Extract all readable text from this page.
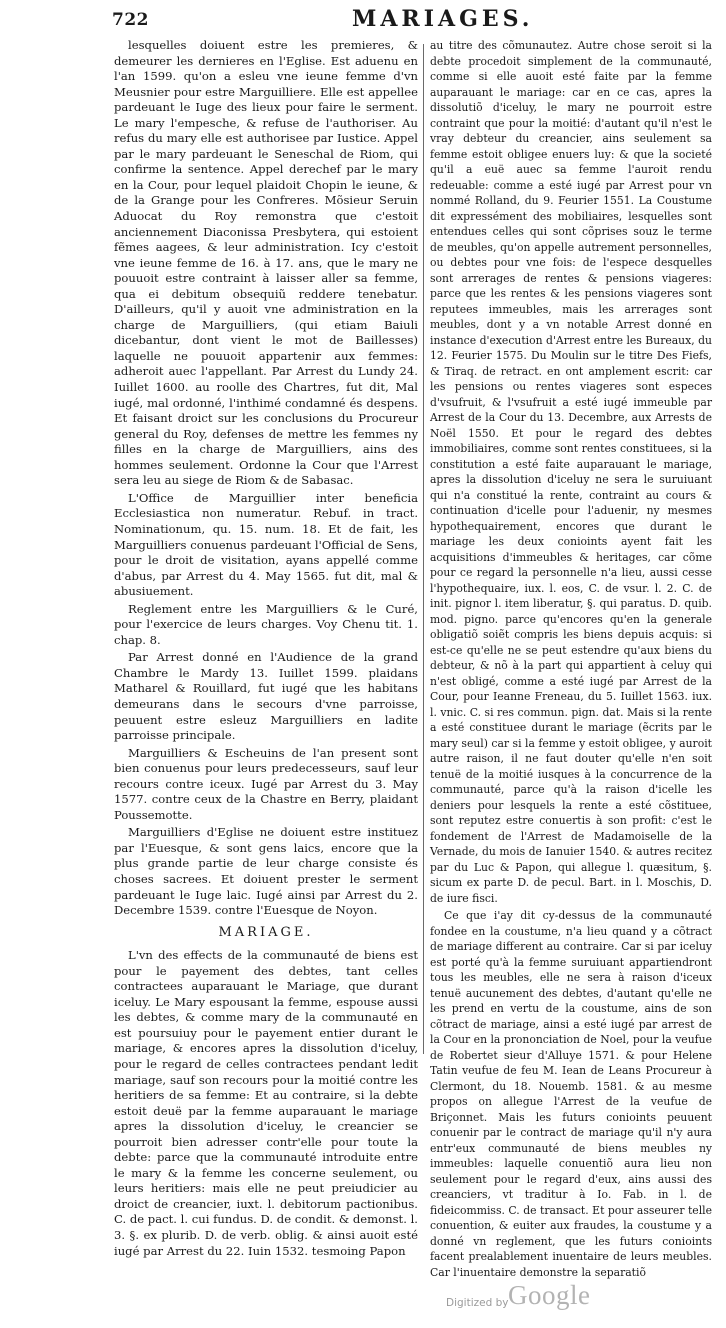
722	MARIAGES.

lesquelles doiuent estre les premieres, & demeurer les dernieres en l'Eglise. Est aduenu en l'an 1599. qu'on a esleu vne ieune femme d'vn Meusnier pour estre Marguilliere. Elle est appellee pardeuant le Iuge des lieux pour faire le serment. Le mary l'empesche, & refuse de l'authoriser. Au refus du mary elle est authorisee par Iustice. Appel par le mary pardeuant le Seneschal de Riom, qui confirme la sentence. Appel derechef par le mary en la Cour, pour lequel plaidoit Chopin le ieune, & de la Grange pour les Confreres. Mõsieur Seruin Aduocat du Roy remonstra que c'estoit anciennement Diaconissa Presbytera, qui estoient fẽmes aagees, & leur administration. Icy c'estoit vne ieune femme de 16. à 17. ans, que le mary ne pouuoit estre contraint à laisser aller sa femme, qua ei debitum obsequiũ reddere tenebatur. D'ailleurs, qu'il y auoit vne administration en la charge de Marguilliers, (qui etiam Baiuli dicebantur, dont vient le mot de Baillesses) laquelle ne pouuoit appartenir aux femmes: adheroit auec l'appellant. Par Arrest du Lundy 24. Iuillet 1600. au roolle des Chartres, fut dit, Mal iugé, mal ordonné, l'inthimé condamné és despens. Et faisant droict sur les conclusions du Procureur general du Roy, defenses de mettre les femmes ny filles en la charge de Marguilliers, ains des hommes seulement. Ordonne la Cour que l'Arrest sera leu au siege de Riom & de Sabasac.

L'Office de Marguillier inter beneficia Ecclesiastica non numeratur. Rebuf. in tract. Nominationum, qu. 15. num. 18. Et de fait, les Marguilliers conuenus pardeuant l'Official de Sens, pour le droit de visitation, ayans appellé comme d'abus, par Arrest du 4. May 1565. fut dit, mal & abusiuement.

Reglement entre les Marguilliers & le Curé, pour l'exercice de leurs charges. Voy Chenu tit. 1. chap. 8.

Par Arrest donné en l'Audience de la grand Chambre le Mardy 13. Iuillet 1599. plaidans Matharel & Rouillard, fut iugé que les habitans demeurans dans le secours d'vne parroisse, peuuent estre esleuz Marguilliers en ladite parroisse principale.

Marguilliers & Escheuins de l'an present sont bien conuenus pour leurs predecesseurs, sauf leur recours contre iceux. Iugé par Arrest du 3. May 1577. contre ceux de la Chastre en Berry, plaidant Poussemotte.

Marguilliers d'Eglise ne doiuent estre instituez par l'Euesque, & sont gens laics, encore que la plus grande partie de leur charge consiste és choses sacrees. Et doiuent prester le serment pardeuant le Iuge laic. Iugé ainsi par Arrest du 2. Decembre 1539. contre l'Euesque de Noyon.

MARIAGE.

L'vn des effects de la communauté de biens est pour le payement des debtes, tant celles contractees auparauant le Mariage, que durant iceluy. Le Mary espousant la femme, espouse aussi les debtes, & comme mary de la communauté en est poursuiuy pour le payement entier durant le mariage, & encores apres la dissolution d'iceluy, pour le regard de celles contractees pendant ledit mariage, sauf son recours pour la moitié contre les heritiers de sa femme: Et au contraire, si la debte estoit deuë par la femme auparauant le mariage apres la dissolution d'iceluy, le creancier se pourroit bien adresser contr'elle pour toute la debte: parce que la communauté introduite entre le mary & la femme les concerne seulement, ou leurs heritiers: mais elle ne peut preiudicier au droict de creancier, iuxt. l. debitorum pactionibus. C. de pact. l. cui fundus. D. de condit. & demonst. l. 3. §. ex plurib. D. de verb. oblig. & ainsi auoit esté iugé par Arrest du 22. Iuin 1532. tesmoing Papon

au titre des cõmunautez. Autre chose seroit si la debte procedoit simplement de la communauté, comme si elle auoit esté faite par la femme auparauant le mariage: car en ce cas, apres la dissolutiõ d'iceluy, le mary ne pourroit estre contraint que pour la moitié: d'autant qu'il n'est le vray debteur du creancier, ains seulement sa femme estoit obligee enuers luy: & que la societé qu'il a euë auec sa femme l'auroit rendu redeuable: comme a esté iugé par Arrest pour vn nommé Rolland, du 9. Feurier 1551. La Coustume dit expressément des mobiliaires, lesquelles sont entendues celles qui sont cõprises souz le terme de meubles, qu'on appelle autrement personnelles, ou debtes pour vne fois: de l'espece desquelles sont arrerages de rentes & pensions viageres: parce que les rentes & les pensions viageres sont reputees immeubles, mais les arrerages sont meubles, dont y a vn notable Arrest donné en instance d'execution d'Arrest entre les Bureaux, du 12. Feurier 1575. Du Moulin sur le titre Des Fiefs, & Tiraq. de retract. en ont amplement escrit: car les pensions ou rentes viageres sont especes d'vsufruit, & l'vsufruit a esté iugé immeuble par Arrest de la Cour du 13. Decembre, aux Arrests de Noël 1550. Et pour le regard des debtes immobiliaires, comme sont rentes constituees, si la constitution a esté faite auparauant le mariage, apres la dissolution d'iceluy ne sera le suruiuant qui n'a constitué la rente, contraint au cours & continuation d'icelle pour l'aduenir, ny mesmes hypothequairement, encores que durant le mariage les deux conioints ayent fait les acquisitions d'immeubles & heritages, car cõme pour ce regard la personnelle n'a lieu, aussi cesse l'hypothequaire, iux. l. eos, C. de vsur. l. 2. C. de init. pignor l. item liberatur, §. qui paratus. D. quib. mod. pigno. parce qu'encores qu'en la generale obligatiõ soiẽt compris les biens depuis acquis: si est-ce qu'elle ne se peut estendre qu'aux biens du debteur, & nõ à la part qui appartient à celuy qui n'est obligé, comme a esté iugé par Arrest de la Cour, pour Ieanne Freneau, du 5. Iuillet 1563. iux. l. vnic. C. si res commun. pign. dat. Mais si la rente a esté constituee durant le mariage (ẽcrits par le mary seul) car si la femme y estoit obligee, y auroit autre raison, il ne faut douter qu'elle n'en soit tenuë de la moitié iusques à la concurrence de la communauté, parce qu'à la raison d'icelle les deniers pour lesquels la rente a esté cõstituee, sont reputez estre conuertis à son profit: c'est le fondement de l'Arrest de Madamoiselle de la Vernade, du mois de Ianuier 1540. & autres recitez par du Luc & Papon, qui allegue l. quæsitum, §. sicum ex parte D. de pecul. Bart. in l. Moschis, D. de iure fisci.

Ce que i'ay dit cy-dessus de la communauté fondee en la coustume, n'a lieu quand y a cõtract de mariage different au contraire. Car si par iceluy est porté qu'à la femme suruiuant appartiendront tous les meubles, elle ne sera à raison d'iceux tenuë aucunement des debtes, d'autant qu'elle ne les prend en vertu de la coustume, ains de son cõtract de mariage, ainsi a esté iugé par arrest de la Cour en la prononciation de Noel, pour la veufue de Robertet sieur d'Alluye 1571. & pour Helene Tatin veufue de feu M. Iean de Leans Procureur à Clermont, du 18. Nouemb. 1581. & au mesme propos on allegue l'Arrest de la veufue de Briçonnet. Mais les futurs conioints peuuent conuenir par le contract de mariage qu'il n'y aura entr'eux communauté de biens meubles ny immeubles: laquelle conuentiõ aura lieu non seulement pour le regard d'eux, ains aussi des creanciers, vt traditur à Io. Fab. in l. de fideicommiss. C. de transact. Et pour asseurer telle conuention, & euiter aux fraudes, la coustume y a donné vn reglement, que les futurs conioints facent prealablement inuentaire de leurs meubles. Car l'inuentaire demonstre la separatiõ

Digitized by Google
